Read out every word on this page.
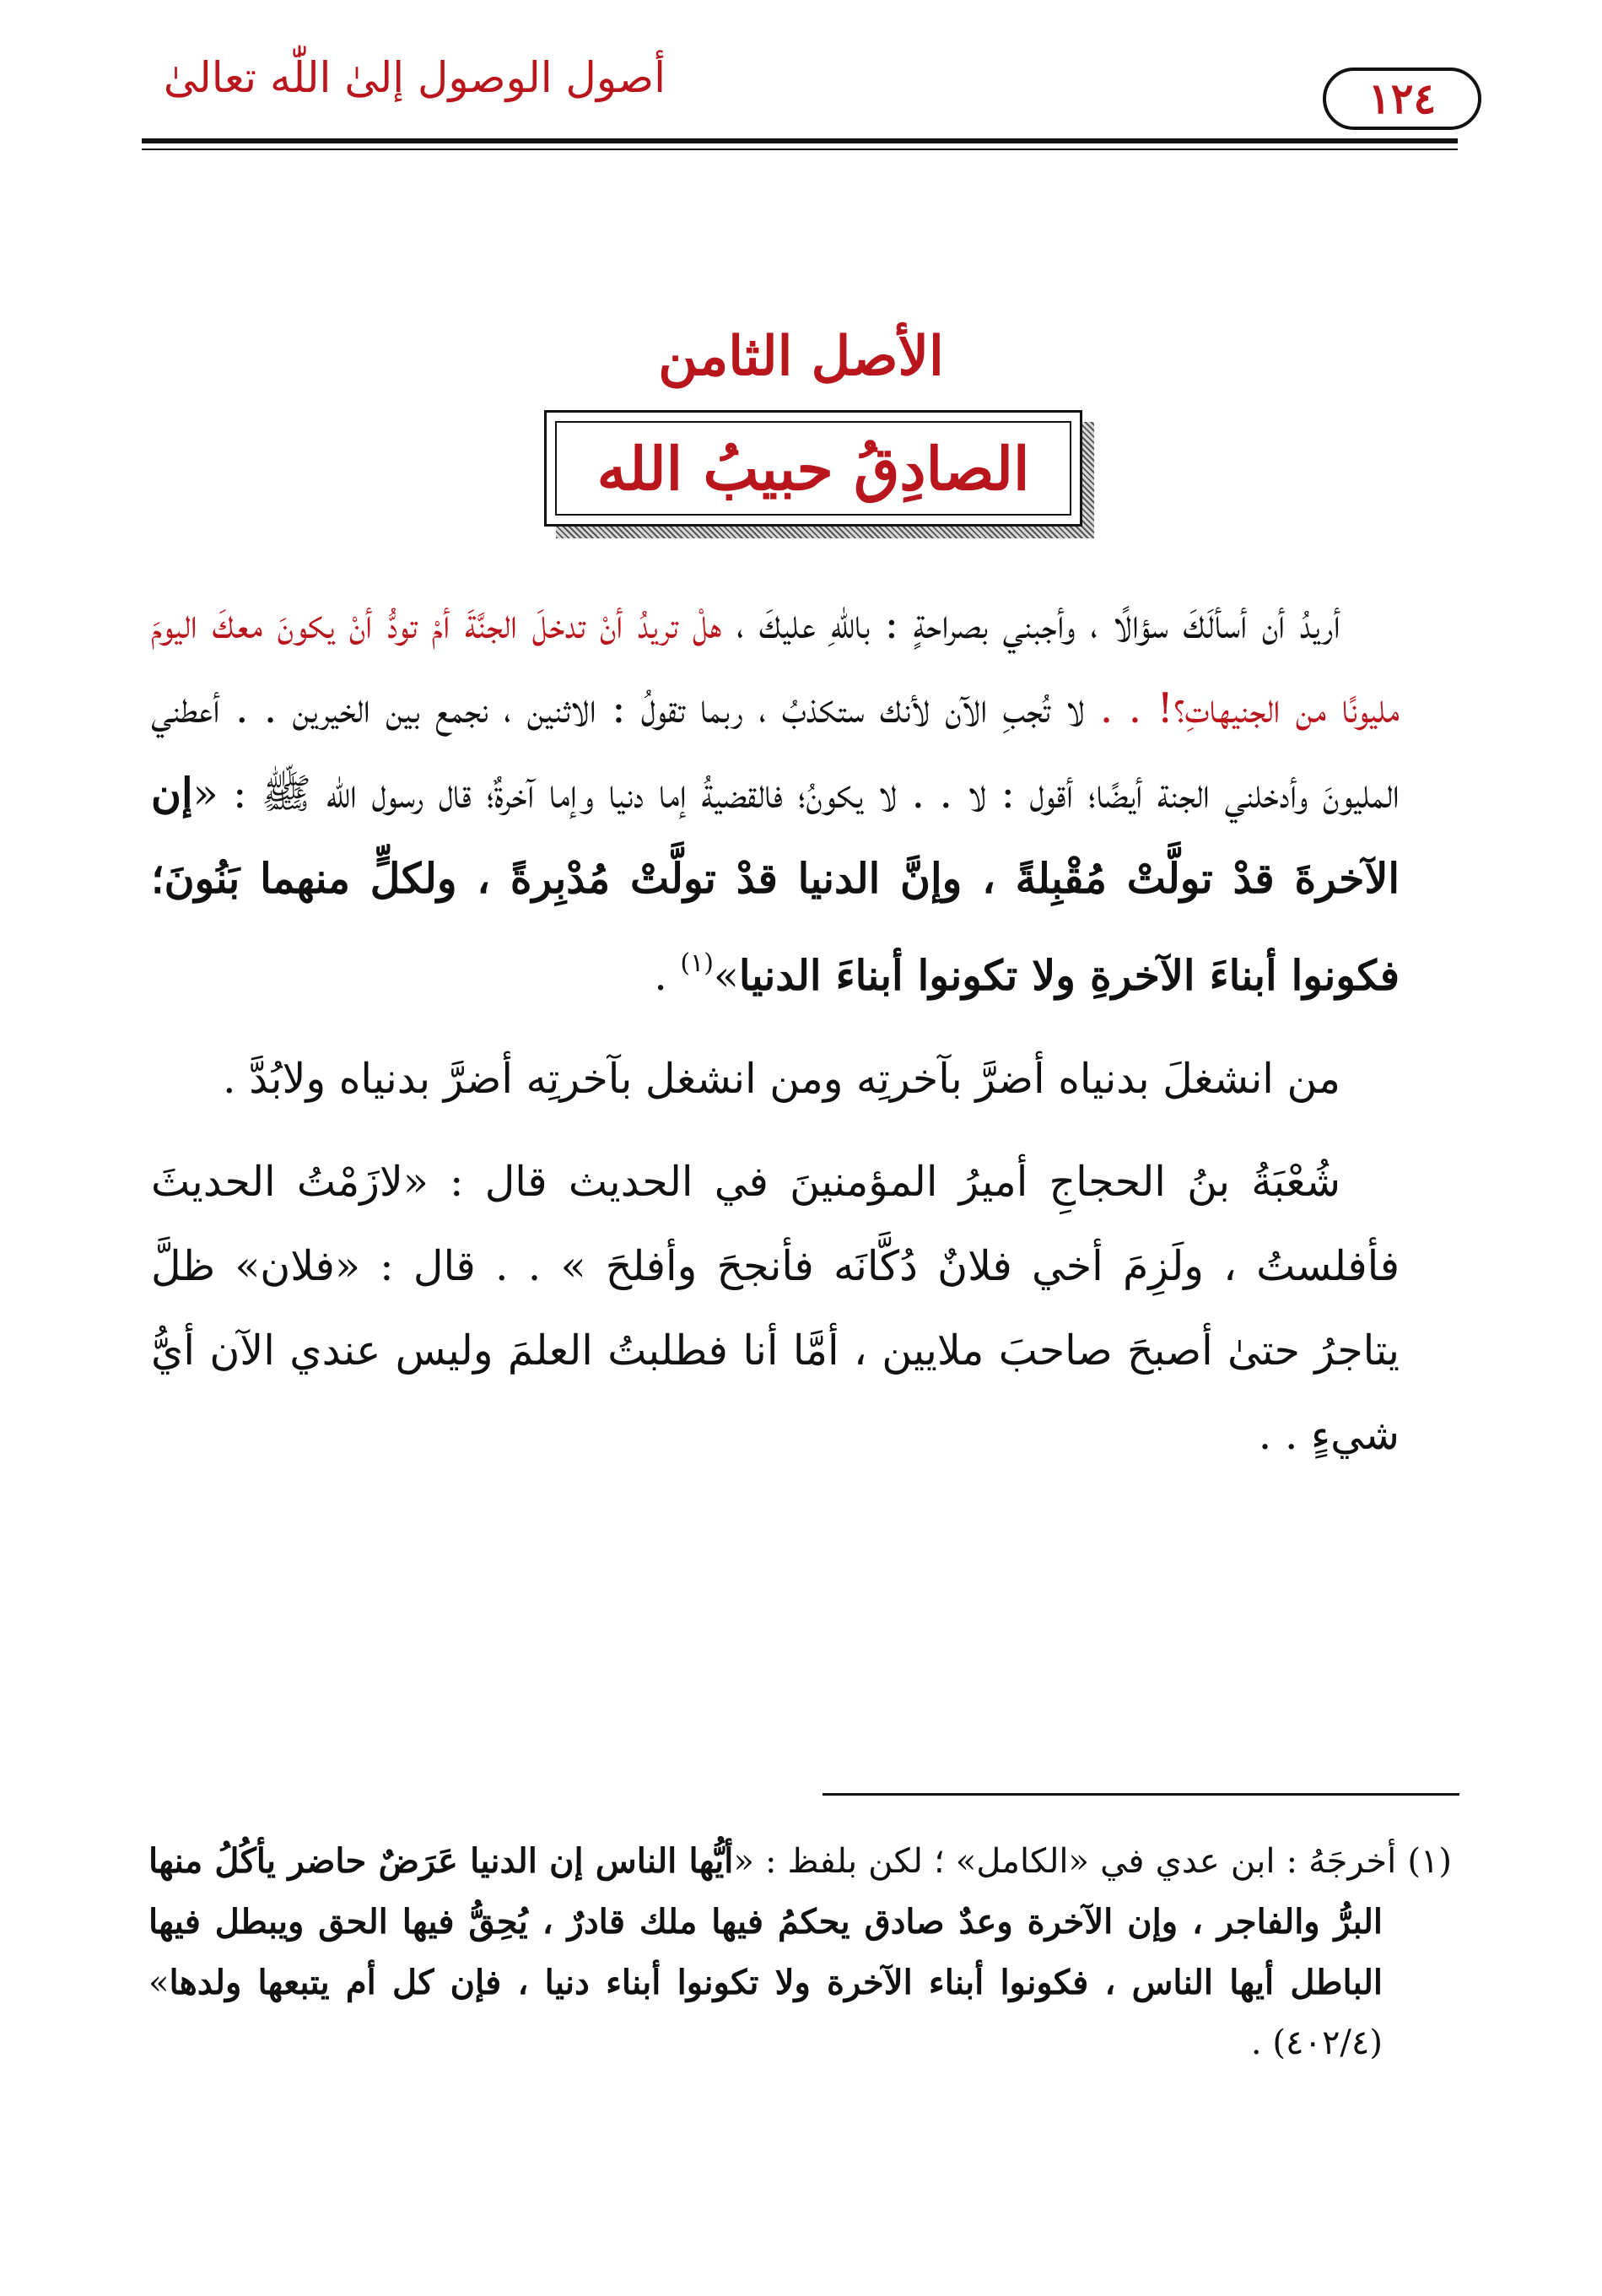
أصول الوصول إلىٰ اللّٰه تعالىٰ	١٢٤
الأصل الثامن
الصادِقُ حبيبُ الله

أريدُ أن أسألَكَ سؤالًا ، وأجبني بصراحةٍ : باللّٰهِ عليكَ ، هلْ تريدُ أنْ تدخلَ الجنَّةَ أمْ تودُّ أنْ يكونَ معكَ اليومَ مليونًا من الجنيهاتِ؟! . . لا تُجبِ الآن لأنك ستكذبُ ، ربما تقولُ : الاثنين ، نجمع بين الخيرين . . أعطني المليونَ وأدخلني الجنة أيضًا؛ أقول : لا . . لا يكونُ؛ فالقضيةُ إما دنيا وإما آخرةٌ؛ قال رسول اللّٰه ﷺ : «إن الآخرةَ قدْ تولَّتْ مُقْبِلةً ، وإنَّ الدنيا قدْ تولَّتْ مُدْبِرةً ، ولكلٍّ منهما بَنُونَ؛ فكونوا أبناءَ الآخرةِ ولا تكونوا أبناءَ الدنيا»$^{(١)}$ .

من انشغلَ بدنياه أضرَّ بآخرتِه ومن انشغل بآخرتِه أضرَّ بدنياه ولابُدَّ .

شُعْبَةُ بنُ الحجاجِ أميرُ المؤمنينَ في الحديث قال : «لازَمْتُ الحديثَ فأفلستُ ، ولَزِمَ أخي فلانٌ دُكَّانَه فأنجحَ وأفلحَ » . . قال : «فلان» ظلَّ يتاجرُ حتىٰ أصبحَ صاحبَ ملايين ، أمَّا أنا فطلبتُ العلمَ وليس عندي الآن أيُّ شيءٍ . .

(١) أخرجَهُ : ابن عدي في «الكامل» ؛ لكن بلفظ : «أيُّها الناس إن الدنيا عَرَضٌ حاضر يأكُلُ منها البرُّ والفاجر ، وإن الآخرة وعدٌ صادق يحكمُ فيها ملك قادرٌ ، يُحِقُّ فيها الحق ويبطل فيها الباطل أيها الناس ، فكونوا أبناء الآخرة ولا تكونوا أبناء دنيا ، فإن كل أم يتبعها ولدها» (٤٠٢/٤) .
